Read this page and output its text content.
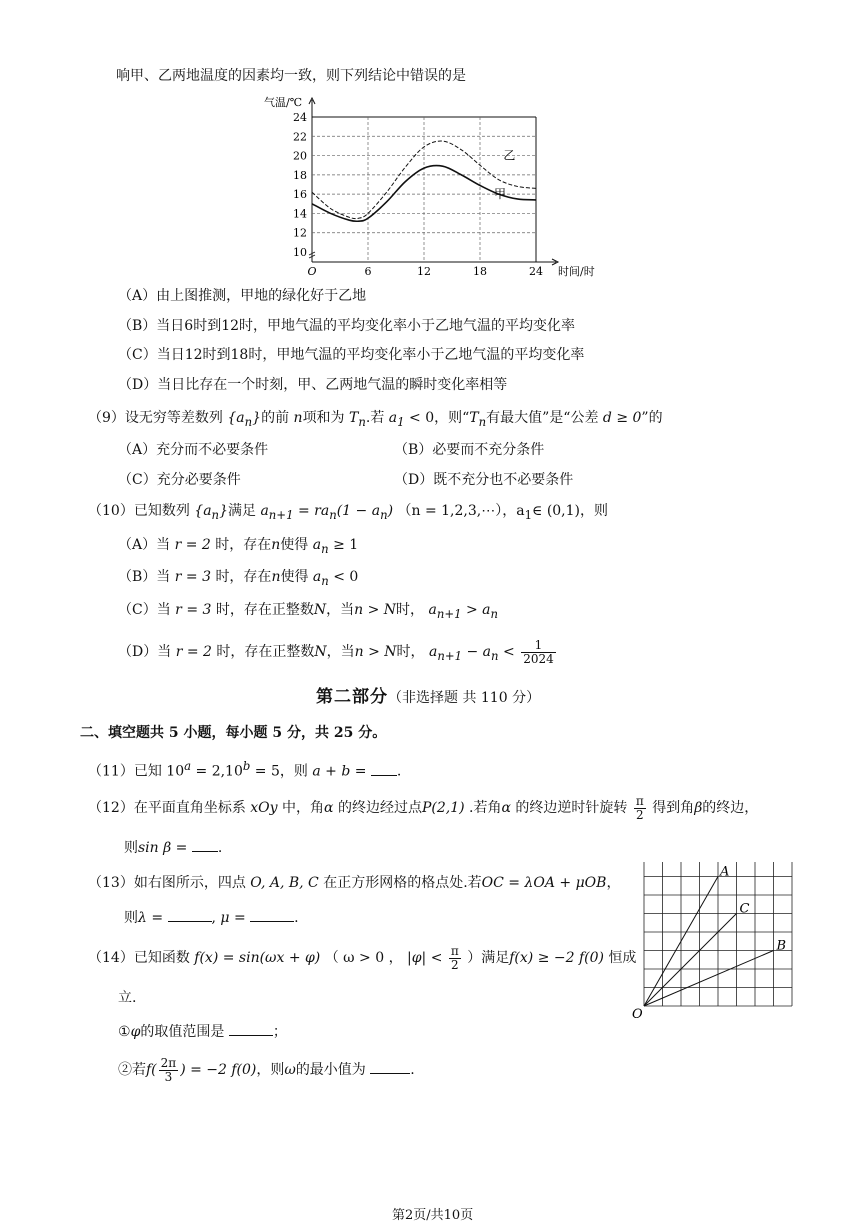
响甲、乙两地温度的因素均一致，则下列结论中错误的是
10
12
14
16
18
20
22
24
6	12	18	24
O
气温/℃
时间/时
甲
乙
（A）由上图推测，甲地的绿化好于乙地
（B）当日6时到12时，甲地气温的平均变化率小于乙地气温的平均变化率
（C）当日12时到18时，甲地气温的平均变化率小于乙地气温的平均变化率
（D）当日比存在一个时刻，甲、乙两地气温的瞬时变化率相等
（9）设无穷等差数列 $\{a_n\}$的前 n项和为 $T_n$.若 $a_1 < 0$，则“$T_n$有最大值”是“公差 d ≥ 0”的
（A）充分而不必要条件	（B）必要而不充分条件
（C）充分必要条件	（D）既不充分也不必要条件
（10）已知数列 $\{a_n\}$满足 $a_{n+1} = ra_n(1 - a_n) (n$ = 1,2,3,⋯），$a_1\in$ (0,1)，则
（A）当 r = 2 时，存在n使得 $a_n \ge 1$
（B）当 r = 3 时，存在n使得 $a_n < 0$
（C）当 r = 3 时，存在正整数N，当n > N时， $a_{n+1} > a_n$
（D）当 r = 2 时，存在正整数N，当n > N时， $a_{n+1} - a_n < \frac{1}{2024}$
第二部分（非选择题 共 110 分）
二、填空题共 5 小题，每小题 5 分，共 25 分。
（11）已知 $10^a = 2,10^b = 5$，则 a + b = .
（12）在平面直角坐标系 xOy 中，角α 的终边经过点P(2,1) .若角α 的终边逆时针旋转 $\frac{\pi}{2}$ 得到角β的终边，
则sin β = .
（13）如右图所示，四点 O, A, B, C 在正方形网格的格点处.若OC = λOA + μOB，
则λ =	, μ =	.
A
C
B
O
（14）已知函数 f(x) = sin(ωx + φ) （ ω > 0 ， $|\varphi| < \frac{\pi}{2}$ ）满足f(x) ≥ −2 f(0) 恒成
立.
①φ的取值范围是	；
②若$f( \frac{2\pi}{3}$ ) = −2 f(0)，则ω的最小值为	.
第2页/共10页
